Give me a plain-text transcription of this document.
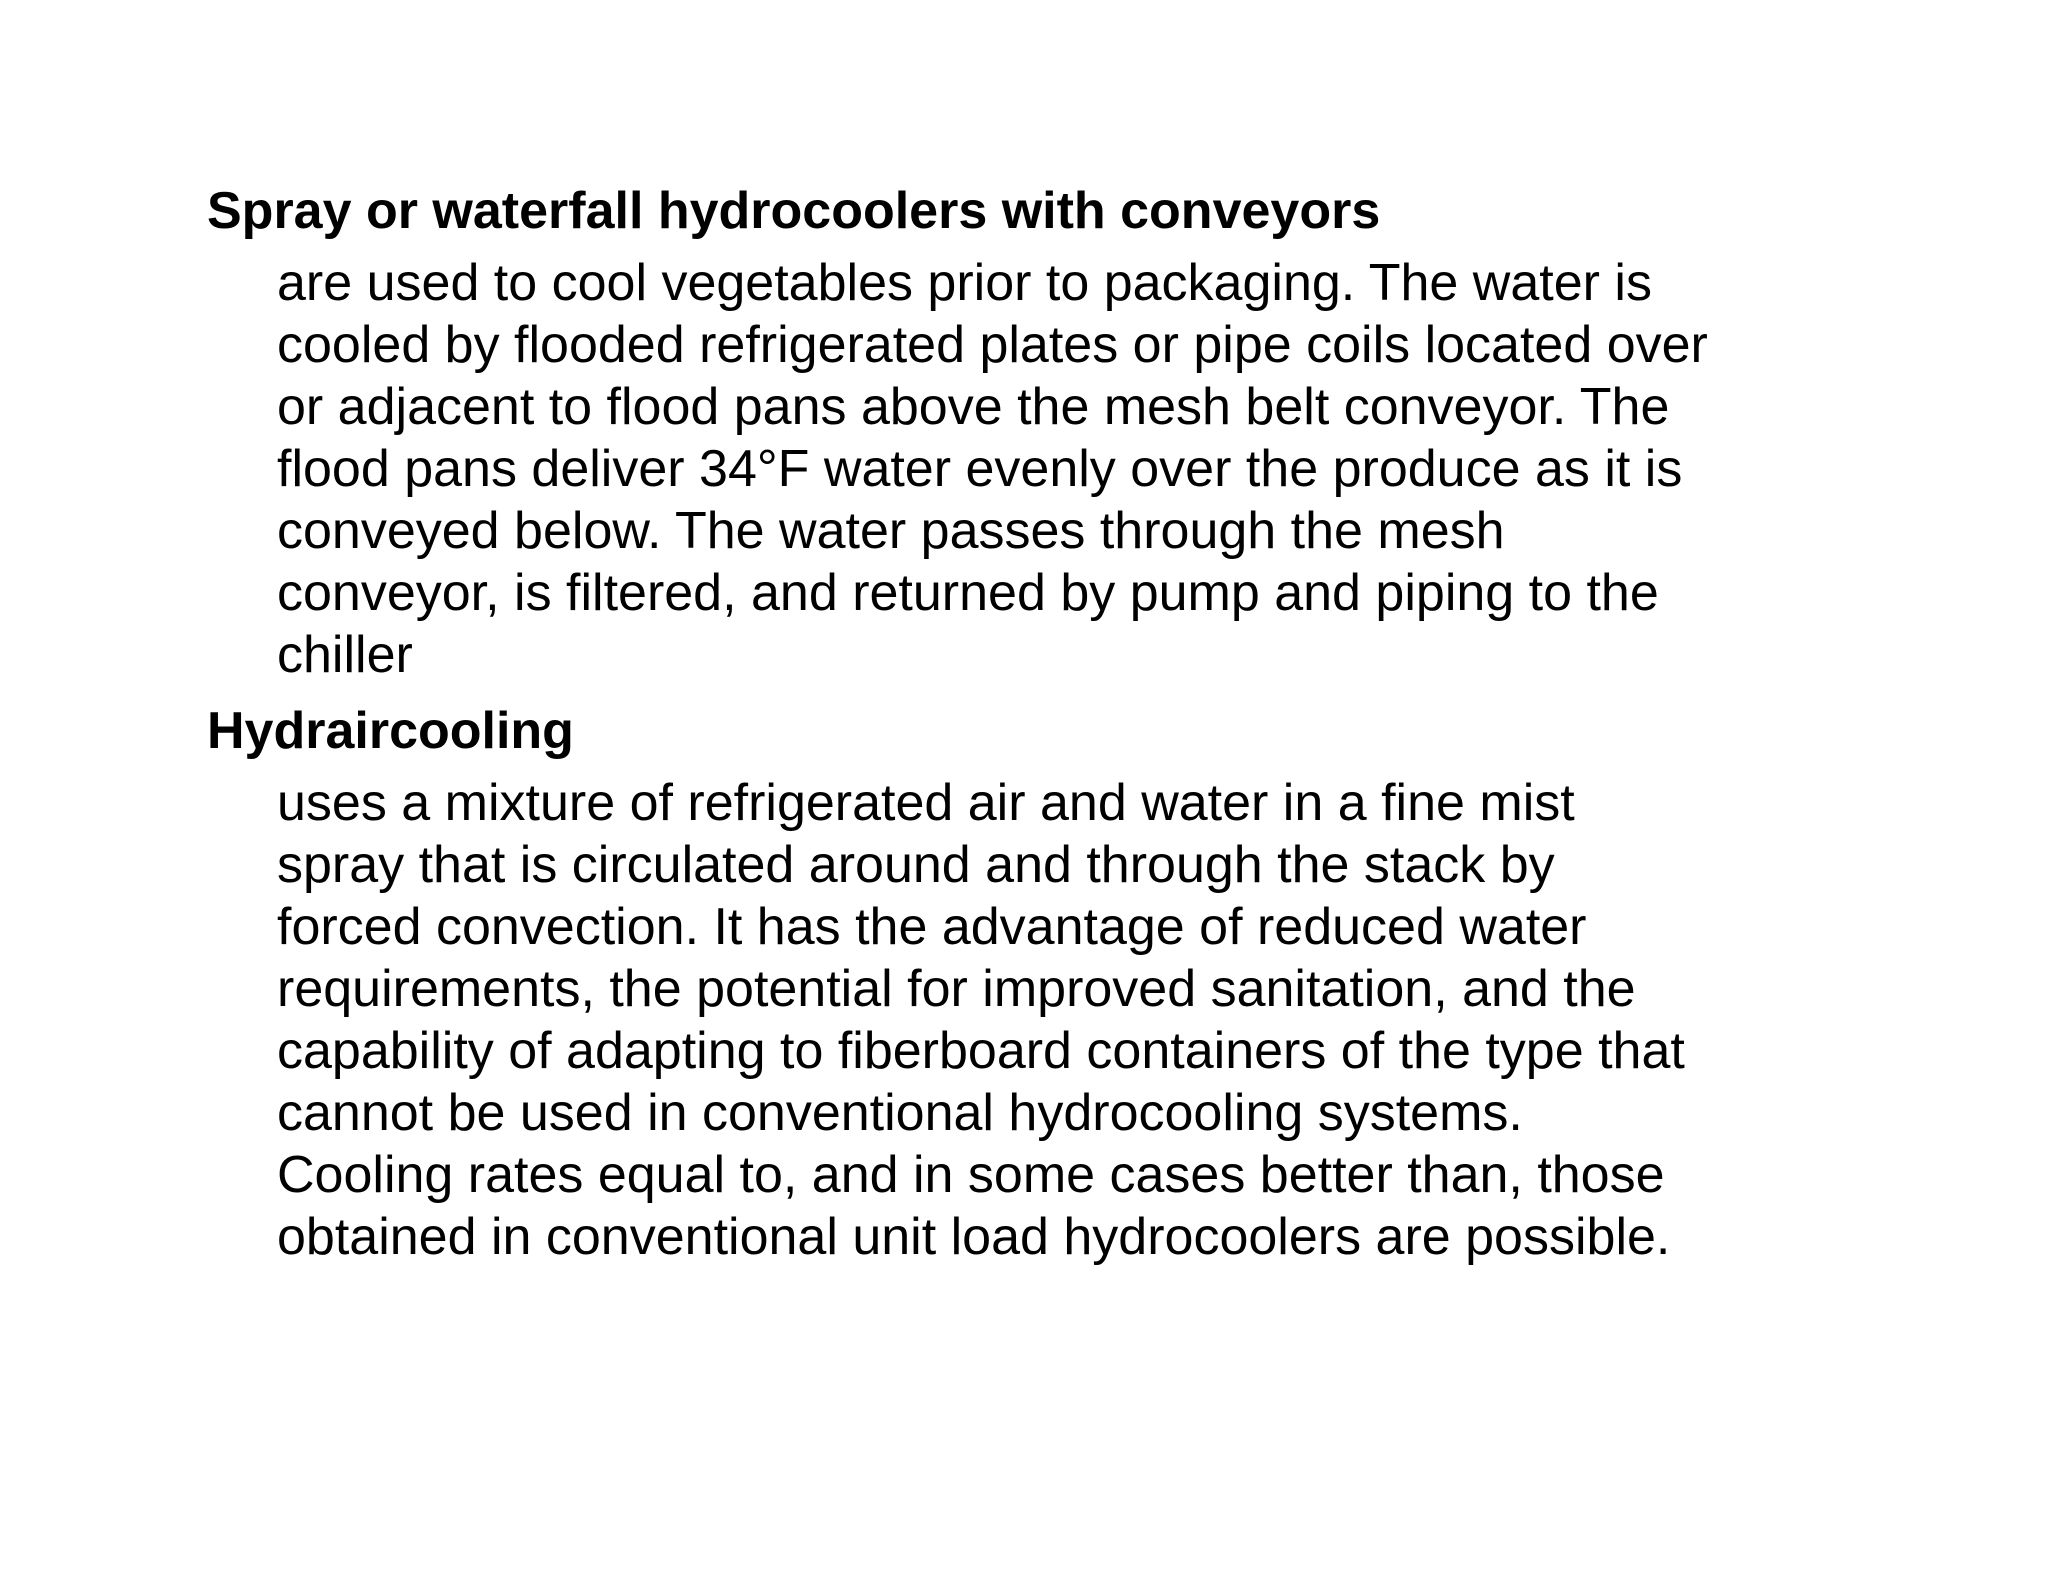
Spray or waterfall hydrocoolers with conveyors
are used to cool vegetables prior to packaging. The water is
cooled by flooded refrigerated plates or pipe coils located over
or adjacent to flood pans above the mesh belt conveyor. The
flood pans deliver 34°F water evenly over the produce as it is
conveyed below. The water passes through the mesh
conveyor, is filtered, and returned by pump and piping to the
chiller
Hydraircooling
uses a mixture of refrigerated air and water in a fine mist
spray that is circulated around and through the stack by
forced convection. It has the advantage of reduced water
requirements, the potential for improved sanitation, and the
capability of adapting to fiberboard containers of the type that
cannot be used in conventional hydrocooling systems.
Cooling rates equal to, and in some cases better than, those
obtained in conventional unit load hydrocoolers are possible.
